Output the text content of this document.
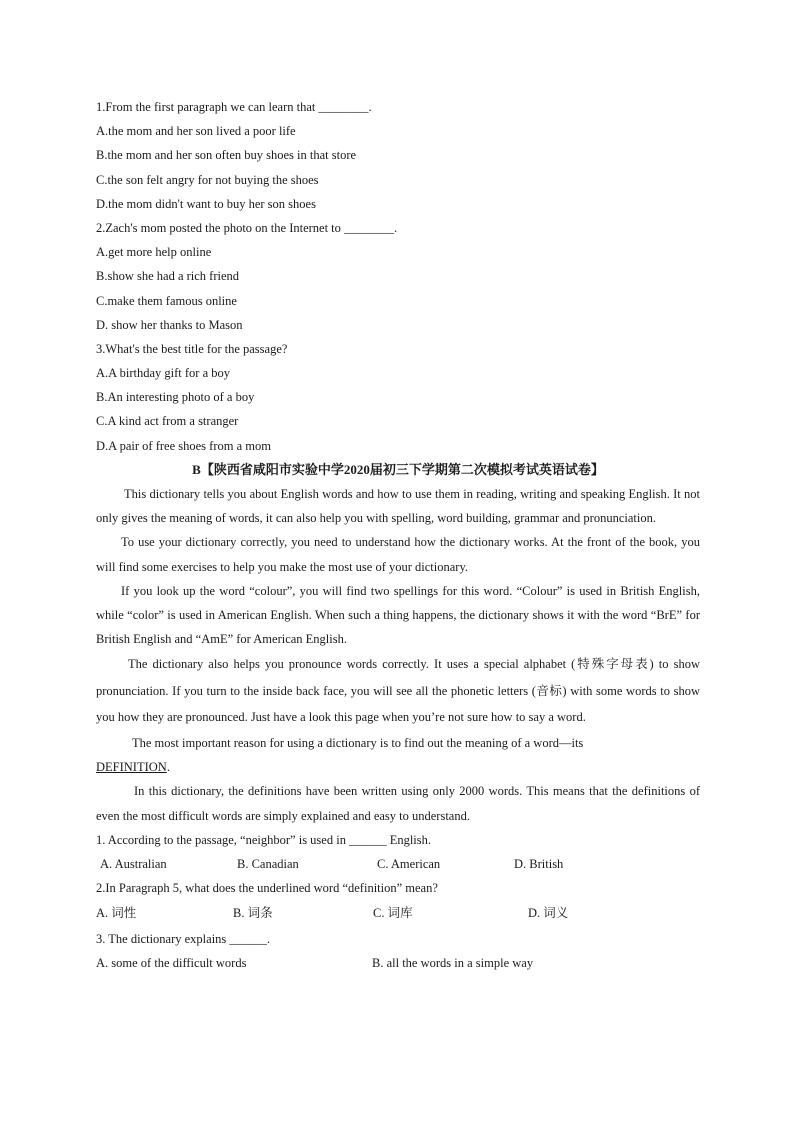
1.From the first paragraph we can learn that ________.
A.the mom and her son lived a poor life
B.the mom and her son often buy shoes in that store
C.the son felt angry for not buying the shoes
D.the mom didn't want to buy her son shoes
2.Zach's mom posted the photo on the Internet to ________.
A.get more help online
B.show she had a rich friend
C.make them famous online
D. show her thanks to Mason
3.What's the best title for the passage?
A.A birthday gift for a boy
B.An interesting photo of a boy
C.A kind act from a stranger
D.A pair of free shoes from a mom
B【陕西省咸阳市实验中学2020届初三下学期第二次模拟考试英语试卷】
This dictionary tells you about English words and how to use them in reading, writing and speaking English. It not only gives the meaning of words, it can also help you with spelling, word building, grammar and pronunciation.
To use your dictionary correctly, you need to understand how the dictionary works. At the front of the book, you will find some exercises to help you make the most use of your dictionary.
If you look up the word “colour”, you will find two spellings for this word. “Colour” is used in British English, while “color” is used in American English. When such a thing happens, the dictionary shows it with the word “BrE” for British English and “AmE” for American English.
The dictionary also helps you pronounce words correctly. It uses a special alphabet (特殊字母表) to show pronunciation. If you turn to the inside back face, you will see all the phonetic letters (音标) with some words to show you how they are pronounced. Just have a look this page when you’re not sure how to say a word.
The most important reason for using a dictionary is to find out the meaning of a word—its
DEFINITION.
In this dictionary, the definitions have been written using only 2000 words. This means that the definitions of even the most difficult words are simply explained and easy to understand.
1. According to the passage, “neighbor” is used in ______ English.
A. Australian	B. Canadian	C. American	D. British
2.In Paragraph 5, what does the underlined word “definition” mean?
A. 词性	B. 词条	C. 词库	D. 词义
3. The dictionary explains ______.
A. some of the difficult words	B. all the words in a simple way
